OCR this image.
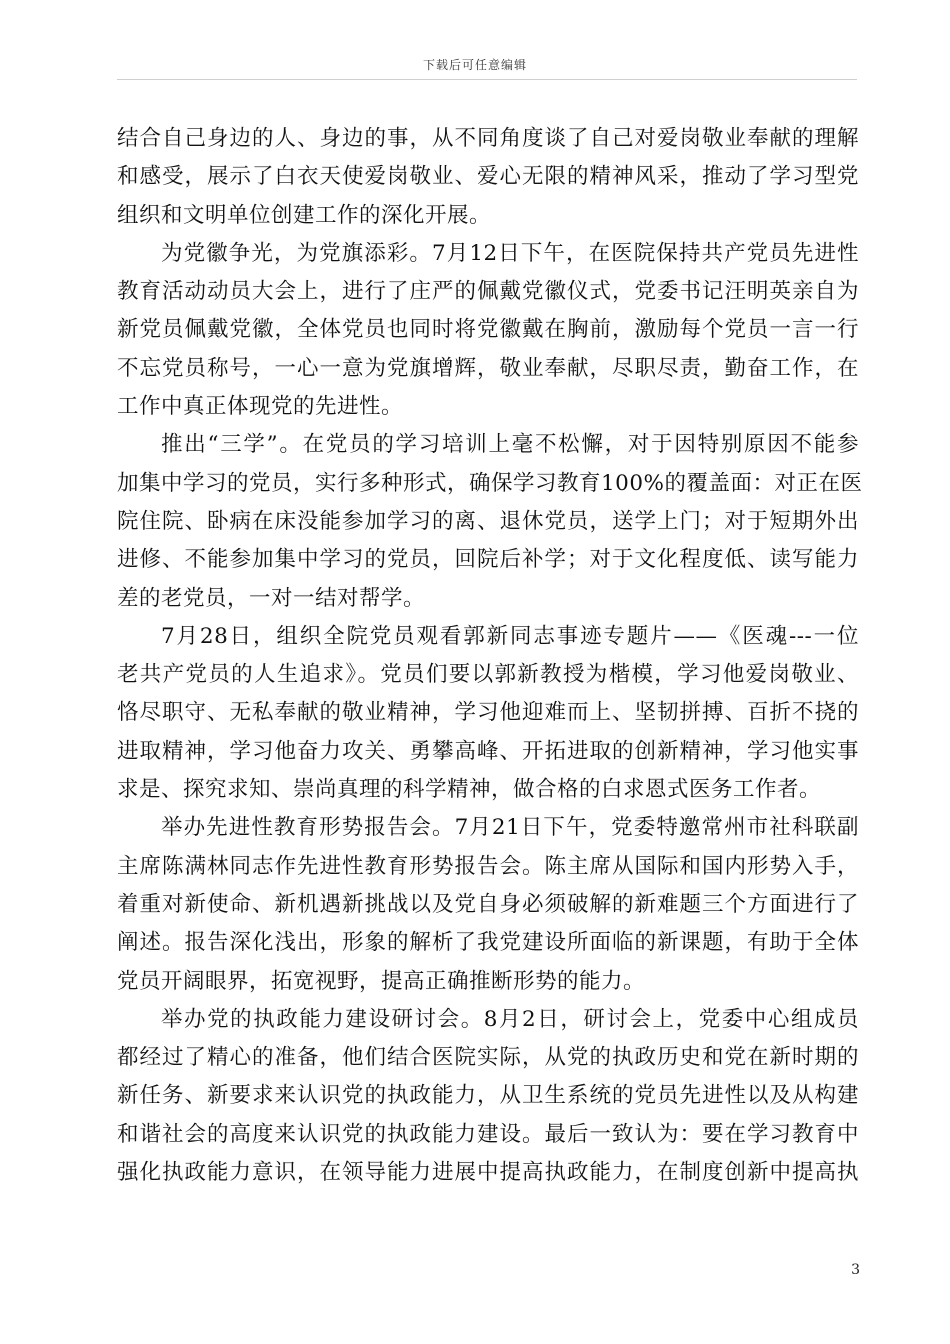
下载后可任意编辑
结合自己身边的人、身边的事，从不同角度谈了自己对爱岗敬业奉献的理解
和感受，展示了白衣天使爱岗敬业、爱心无限的精神风采，推动了学习型党
组织和文明单位创建工作的深化开展。
为党徽争光，为党旗添彩。7月12日下午，在医院保持共产党员先进性
教育活动动员大会上，进行了庄严的佩戴党徽仪式，党委书记汪明英亲自为
新党员佩戴党徽，全体党员也同时将党徽戴在胸前，激励每个党员一言一行
不忘党员称号，一心一意为党旗增辉，敬业奉献，尽职尽责，勤奋工作，在
工作中真正体现党的先进性。
推出“三学”。在党员的学习培训上毫不松懈，对于因特别原因不能参
加集中学习的党员，实行多种形式，确保学习教育100%的覆盖面：对正在医
院住院、卧病在床没能参加学习的离、退休党员，送学上门；对于短期外出
进修、不能参加集中学习的党员，回院后补学；对于文化程度低、读写能力
差的老党员，一对一结对帮学。
7月28日，组织全院党员观看郭新同志事迹专题片——《医魂---一位
老共产党员的人生追求》。党员们要以郭新教授为楷模，学习他爱岗敬业、
恪尽职守、无私奉献的敬业精神，学习他迎难而上、坚韧拼搏、百折不挠的
进取精神，学习他奋力攻关、勇攀高峰、开拓进取的创新精神，学习他实事
求是、探究求知、崇尚真理的科学精神，做合格的白求恩式医务工作者。
举办先进性教育形势报告会。7月21日下午，党委特邀常州市社科联副
主席陈满林同志作先进性教育形势报告会。陈主席从国际和国内形势入手，
着重对新使命、新机遇新挑战以及党自身必须破解的新难题三个方面进行了
阐述。报告深化浅出，形象的解析了我党建设所面临的新课题，有助于全体
党员开阔眼界，拓宽视野，提高正确推断形势的能力。
举办党的执政能力建设研讨会。8月2日，研讨会上，党委中心组成员
都经过了精心的准备，他们结合医院实际，从党的执政历史和党在新时期的
新任务、新要求来认识党的执政能力，从卫生系统的党员先进性以及从构建
和谐社会的高度来认识党的执政能力建设。最后一致认为：要在学习教育中
强化执政能力意识，在领导能力进展中提高执政能力，在制度创新中提高执
3
